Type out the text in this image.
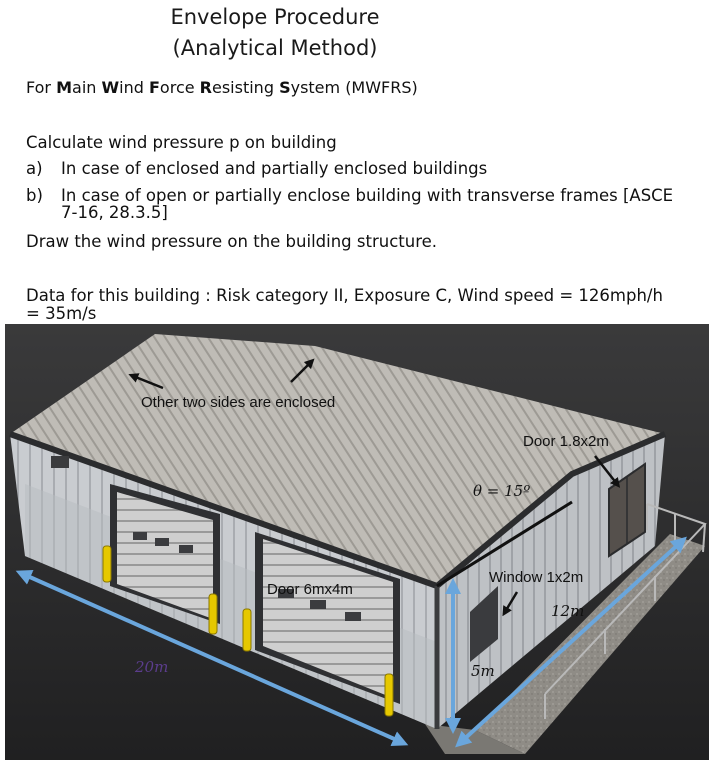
Envelope Procedure
(Analytical Method)
For Main Wind Force Resisting System (MWFRS)
Calculate wind pressure p on building
a) In case of enclosed and partially enclosed buildings
b) In case of open or partially enclose building with transverse frames [ASCE
7-16, 28.3.5]
Draw the wind pressure on the building structure.
Data for this building : Risk category II, Exposure C, Wind speed = 126mph/h
= 35m/s
Other two sides are enclosed
Door 1.8x2m
Window 1x2m
Door 6mx4m
θ = 15º
12m
5m
20m
